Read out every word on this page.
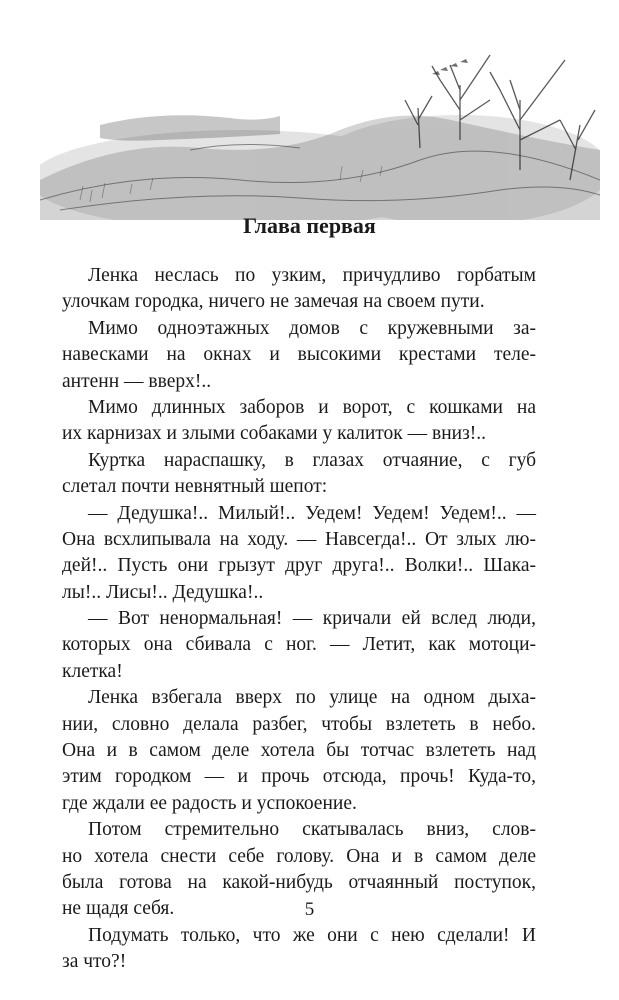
Глава первая
Ленка неслась по узким, причудливо горбатым
улочкам городка, ничего не замечая на своем пути.
Мимо одноэтажных домов с кружевными за-
навесками на окнах и высокими крестами теле-
антенн — вверх!..
Мимо длинных заборов и ворот, с кошками на
их карнизах и злыми собаками у калиток — вниз!..
Куртка нараспашку, в глазах отчаяние, с губ
слетал почти невнятный шепот:
— Дедушка!.. Милый!.. Уедем! Уедем! Уедем!.. —
Она всхлипывала на ходу. — Навсегда!.. От злых лю-
дей!.. Пусть они грызут друг друга!.. Волки!.. Шака-
лы!.. Лисы!.. Дедушка!..
— Вот ненормальная! — кричали ей вслед люди,
которых она сбивала с ног. — Летит, как мотоци-
клетка!
Ленка взбегала вверх по улице на одном дыха-
нии, словно делала разбег, чтобы взлететь в небо.
Она и в самом деле хотела бы тотчас взлететь над
этим городком — и прочь отсюда, прочь! Куда-то,
где ждали ее радость и успокоение.
Потом стремительно скатывалась вниз, слов-
но хотела снести себе голову. Она и в самом деле
была готова на какой-нибудь отчаянный поступок,
не щадя себя.
Подумать только, что же они с нею сделали! И
за что?!
5
